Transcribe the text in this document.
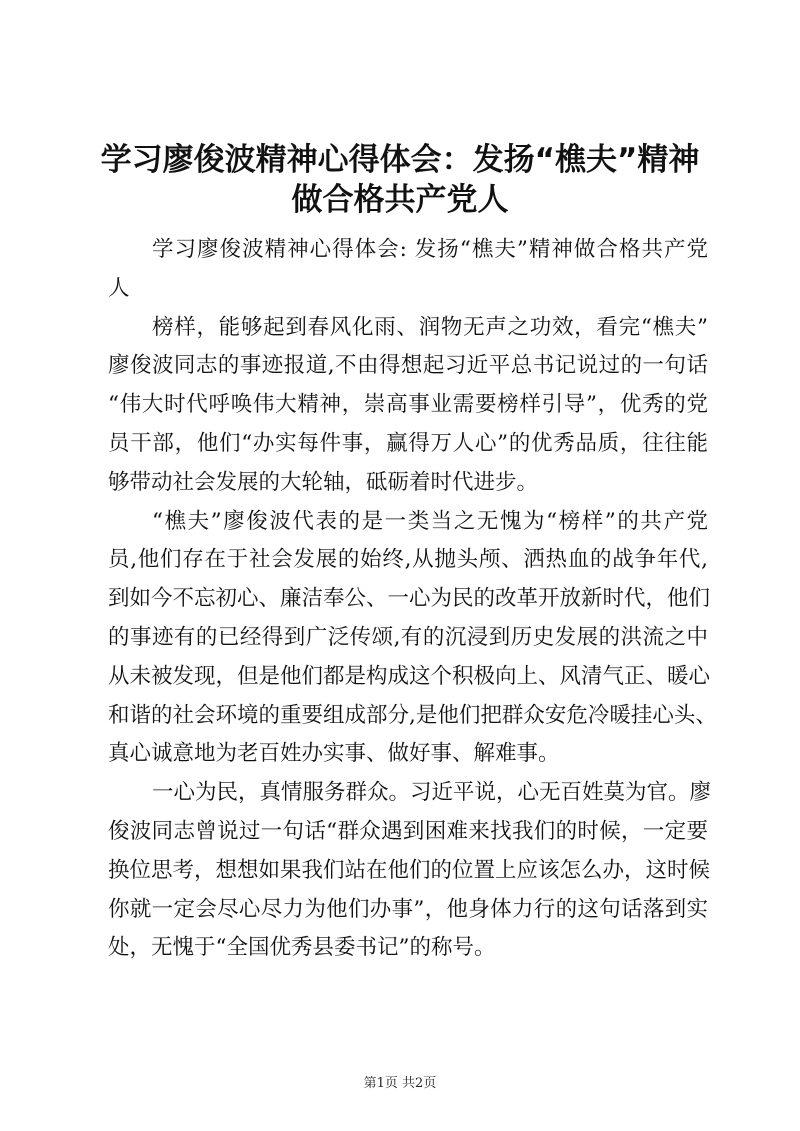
学习廖俊波精神心得体会：发扬“樵夫”精神
做合格共产党人
学习廖俊波精神心得体会: 发扬“樵夫”精神做合格共产党
人
榜样，能够起到春风化雨、润物无声之功效，看完“樵夫”
廖俊波同志的事迹报道,不由得想起习近平总书记说过的一句话
“伟大时代呼唤伟大精神，崇高事业需要榜样引导”，优秀的党
员干部，他们“办实每件事，赢得万人心”的优秀品质，往往能
够带动社会发展的大轮轴，砥砺着时代进步。
“樵夫”廖俊波代表的是一类当之无愧为“榜样”的共产党
员,他们存在于社会发展的始终,从抛头颅、洒热血的战争年代,
到如今不忘初心、廉洁奉公、一心为民的改革开放新时代，他们
的事迹有的已经得到广泛传颂,有的沉浸到历史发展的洪流之中
从未被发现，但是他们都是构成这个积极向上、风清气正、暖心
和谐的社会环境的重要组成部分,是他们把群众安危冷暖挂心头、
真心诚意地为老百姓办实事、做好事、解难事。
一心为民，真情服务群众。习近平说，心无百姓莫为官。廖
俊波同志曾说过一句话“群众遇到困难来找我们的时候，一定要
换位思考，想想如果我们站在他们的位置上应该怎么办，这时候
你就一定会尽心尽力为他们办事”，他身体力行的这句话落到实
处，无愧于“全国优秀县委书记”的称号。
第1页 共2页
